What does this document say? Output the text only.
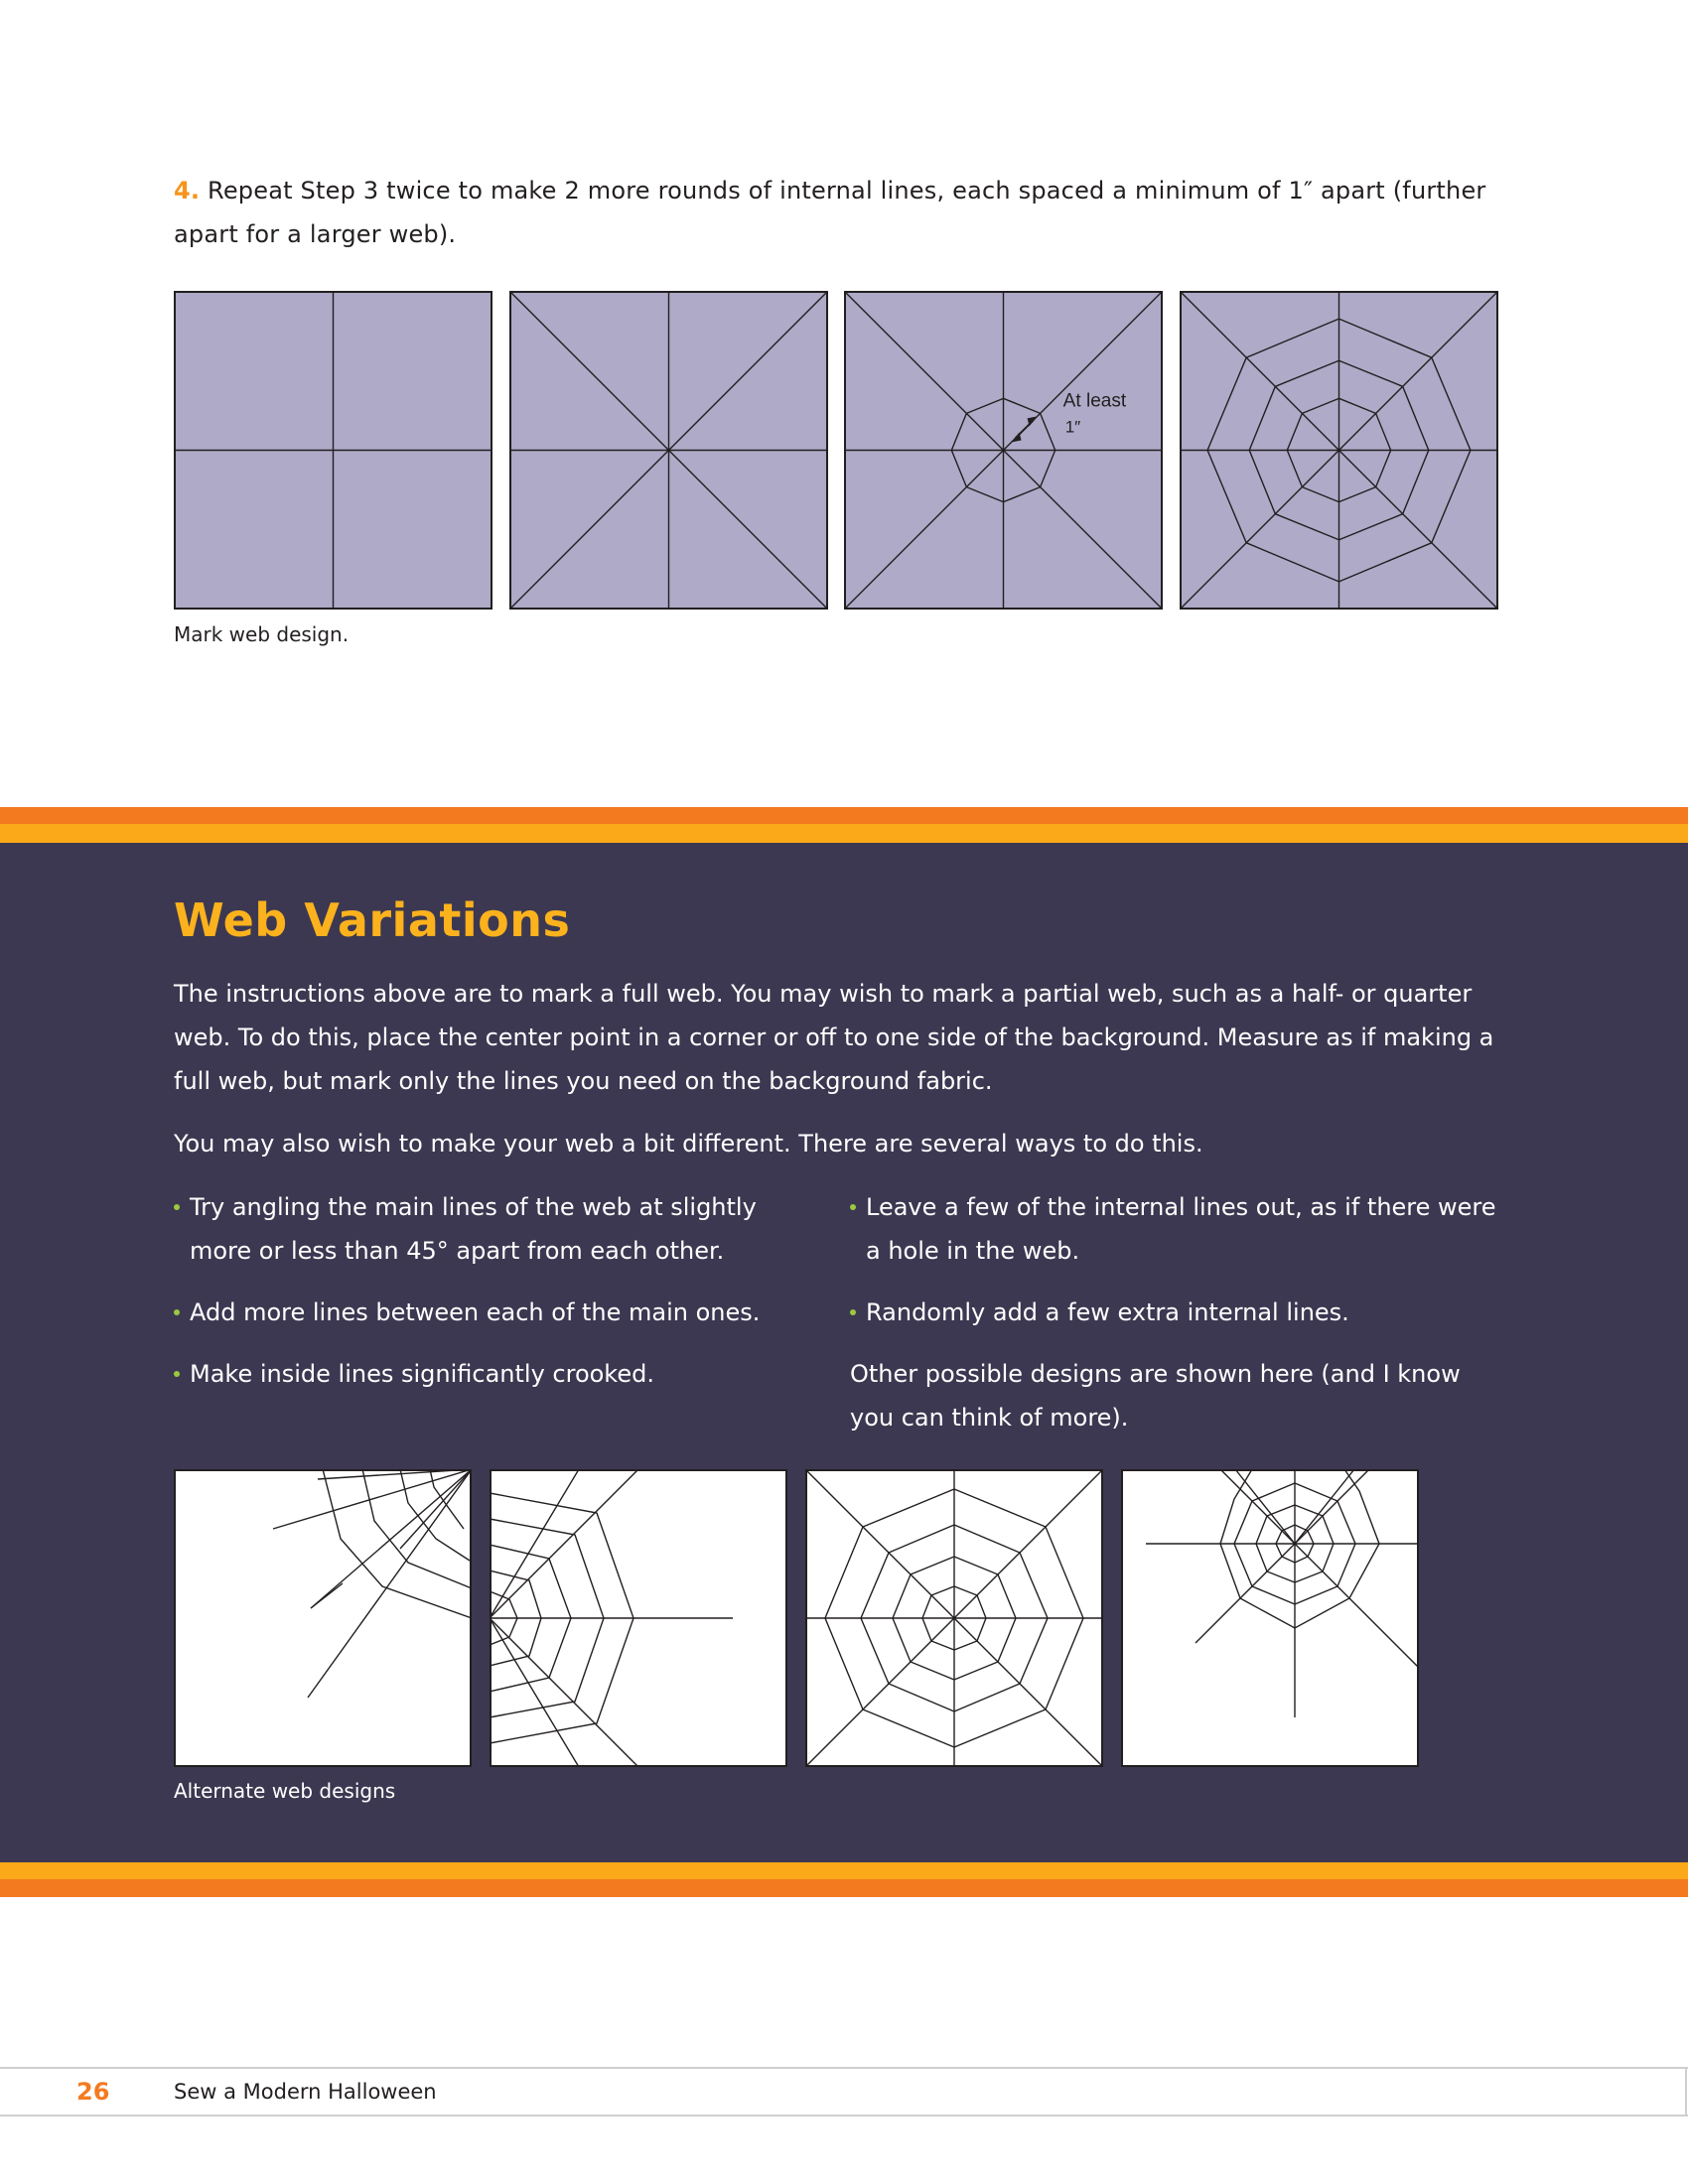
4. Repeat Step 3 twice to make 2 more rounds of internal lines, each spaced a minimum of 1″ apart (further apart for a larger web).

At least
1″

Mark web design.

Web Variations

The instructions above are to mark a full web. You may wish to mark a partial web, such as a half- or quarter web. To do this, place the center point in a corner or off to one side of the background. Measure as if making a full web, but mark only the lines you need on the background fabric.

You may also wish to make your web a bit different. There are several ways to do this.

Try angling the main lines of the web at slightly more or less than 45° apart from each other.

Add more lines between each of the main ones.

Make inside lines significantly crooked.

Leave a few of the internal lines out, as if there were a hole in the web.

Randomly add a few extra internal lines.

Other possible designs are shown here (and I know you can think of more).

Alternate web designs

26	Sew a Modern Halloween
